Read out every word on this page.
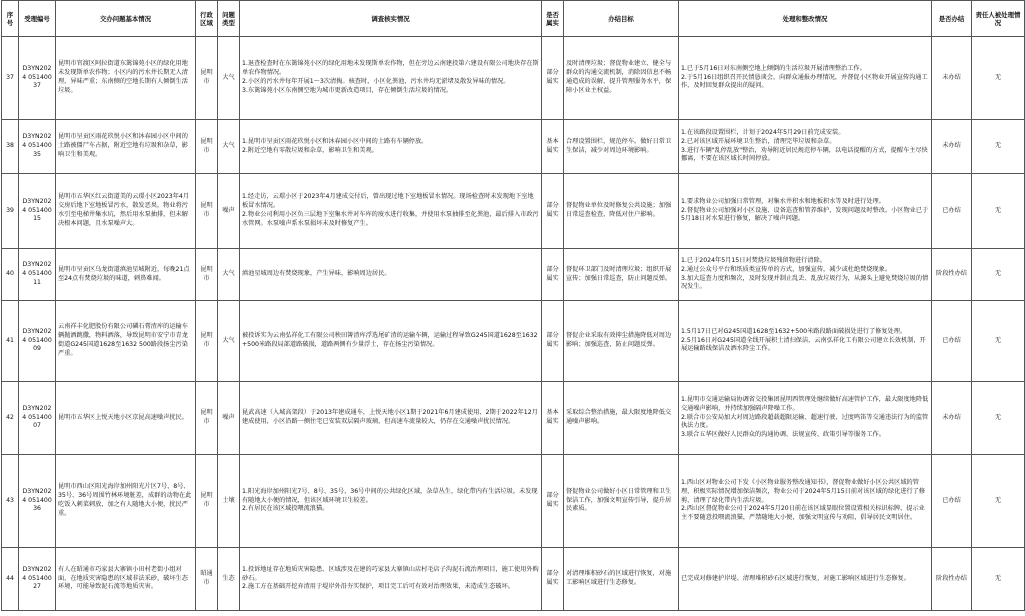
序号	受理编号	交办问题基本情况	行政区域	问题类型	调查核实情况	是否属实	办结目标	处理和整改情况	是否办结	责任人被处理情况
37	D3YN2024 05140037	昆明市官渡区阿拉街道东篱锦苑小区的绿化用地未发现斯单农作物；小区内的污水井长期无人清理，异味严重；东南侧的空地长期有人倾倒生活垃圾。	昆明市	大气	1.退查检查时在东篱锦苑小区的绿化用地未发现斯单农作物，但在旁边云南建投第六建设有限公司地块存在斯单农作物情况。
2.小区的污水井每年开展1～3次清掏。核查时，小区化粪池、污水井均无淤堵及散发异味的情况。
3.东篱锦苑小区东南侧空地为城市更新改造项目，存在倾倒生活垃圾的情况。	部分属实	及时清理垃圾；督促物业建立、健全与群众的沟通交流机制，消除因信息不畅通造成的误解，提升管理服务水平，保障小区业主权益。	1.已于5月16日对东南侧空地上倾倒的生活垃圾开展清理整治工作。
2.于5月16日组织召开民情恳谈会，向群众通报办理情况，并督促小区物业开展宣传沟通工作，及时回复群众提出的疑问。	未办结	无
38	D3YN2024 05140035	昆明市呈贡区雨花玖悦小区和沐春园小区中间的土路被僵尸车占据，附近空地有垃圾和杂草，影响卫生和美观。	昆明市	大气	1.昆明市呈贡区雨花玖悦小区和沐春园小区中间的土路有车辆停放。
2.附近空地有零散垃圾和杂草，影响卫生和美观。	基本属实	合理设置围栏，规范停车。做好日常卫生保洁，减少对周边环境影响。	1.在该路段设置围栏，计划于2024年5月29日前完成安装。
2.已对该区域开展环境卫生整治，清理完毕垃圾和杂草。
3.进行车辆"乱停乱放"整治，劝导附近居民规范停车辆，以电话提醒的方式，提醒车主尽快挪离，不要在该区域长时间停放。	未办结	无
39	D3YN2024 05140015	昆明市五华区红云街道美的云璟小区2023年4月交房后地下室地板冒污水，散发恶臭，物业将污水引至电梯井集水坑，然后用水泵抽排，但未解决根本问题，且水泵噪声大。	昆明市	噪声	1.经走访，云璟小区于2023年4月建成交付后，曾出现过地下室地板冒水情况。现场检查时未发现地下室地板冒水情况。
2.物业公司利用小区负三层地下室集水井对车库的废水进行收集，并使用水泵抽排至化粪池，最后排入市政污水管网。水泵噪声系水泵损坏未及时修复产生。	部分属实	督促物业单位及时修复公共设施；加强日常巡查检查，降低对住户影响。	1.要求物业公司加强日常管理，对集水井积水和地板积水等及时进行处理。
2.督促物业公司加强对小区设施、设备巡查和管养维护，发现问题及时整改。小区物业已于5月18日对水泵进行修复，解决了噪声问题。	已办结	无
40	D3YN2024 05140011	昆明市呈贡区乌龙街道滇池星城附近，每晚21点至24点有焚烧垃圾的味道，刺鼻难闻。	昆明市	大气	滇池星城周边有焚烧现象，产生异味，影响周边居民。	部分属实	督促环卫部门及时清理垃圾；组织开展宣传；加强日常巡查，防止问题反弹。	1.已于2024年5月15日对焚烧垃圾残留物进行清除。
2.通过公众号平台和纸质类宣传单的方式，加强宣传，减少或杜绝焚烧现象。
3.加大巡查力度和频次，及时发现并制止乱丢、乱放垃圾行为，从源头上避免焚烧垃圾的情况发生。	阶段性办结	无
41	D3YN2024 05140009	云南祥丰化肥股份有限公司磷石膏渣库的运输车辆抛洒跳撒，物料洒落，导致昆明市安宁市青龙街道G245国道1628至1632 500路段扬尘污染严重。	昆明市	大气	被投诉实为云南弘祥化工有限公司秧田箐渣库浮选尾矿渣的运输车辆，运输过程导致G245国道1628至1632+500米路段局部道路破损，道路两侧有少量浮土，存在扬尘污染情况。	部分属实	督促企业采取有效抑尘措施降低对周边影响；加强巡查，防止问题反弹。	1.5月17日已对G245国道1628至1632+500米路段路面破损处进行了修复处理。
2.5月16日对G245国道全线开展积土清扫保洁，云南弘祥化工有限公司建立长效机制，开展运输路线保洁及洒水降尘工作。	已办结	无
42	D3YN2024 05140007	昆明市五华区上悦天地小区京昆高速噪声扰民。	昆明市	噪声	昆武高速（入城高架段）于2013年建成通车，上悦天地小区1期于2021年6月建成使用、2期于2022年12月建成使用，小区沿路一侧住宅已安装双层隔声玻璃，但高速车流量较大，仍存在交通噪声扰民情况。	基本属实	采取综合整治措施，最大限度地降低交通噪声影响。	1.昆明市交通运输局协调省交投集团昆明西管理处继续做好高速管护工作，最大限度地降低交通噪声影响，并持续加强隔声降噪工作。
2.联合市公安局加大对周边路段超载超限运输、超速行驶、过度鸣笛等交通违法行为的监管执法力度。
3.联合五华区做好人民群众的沟通协调、法规宣传、政策引导等服务工作。	未办结	无
43	D3YN2024 05140036	昆明市西山区阳光海岸加州阳光片区7号、8号、35号、36号周围竹林环境脏差，成群的动物在此吃饭入刺菜刺放，加之有人随地大小便，扰民严重。	昆明市	土壤	1.阳光海岸加州阳光7号、8号、35号、36号中间的公共绿化区域，杂草丛生，绿化带内有生活垃圾。未发现有随地大小便的情况，但该区域环境卫生较差。
2.有居民在该区域投喂流浪猫。	部分属实	督促物业公司做好小区日常管理和卫生保洁工作，加强文明宣传引导，提升居民素质。	1.西山区对物业公司下发《小区物业服务整改通知书》，督促物业做好小区公共区域的管理，积极实际情况增加保洁频次，物业公司于2024年5月15日前对该区域的绿化进行了修剪，清理了绿化带内生活垃圾。
2.西山区督促物业公司于2024年5月20日前在该区域显眼位置设置相关标识标牌，提示业主不要随意投喂流浪猫，严禁随地大小便，加强文明宣传与劝阻，倡导居民文明居住。	已办结	无
44	D3YN2024 05140027	有人在昭通市巧家县大寨镇小田村老街小组对面，在地质灾害隐患的区域非法采砂，破坏生态环境，可能导致泥石流等地质灾害。	昭通市	生态	1.投诉地址存在地质灾害隐患，区域涉及在建的巧家县大寨镇山店村毛店子沟泥石流治理项目，施工使用外购砂石。
2.施工方在基础开挖弃渣用于堤岸外沿夯实保护，项目完工后可有效对治理效果，未造成生态破坏。	部分属实	对清理堆积砂石的区域进行恢复，对施工影响区域进行生态修复。	已完成对修建护岸堤、清理堆积砂石区域进行恢复，对施工影响区域进行生态修复。	阶段性办结	无
